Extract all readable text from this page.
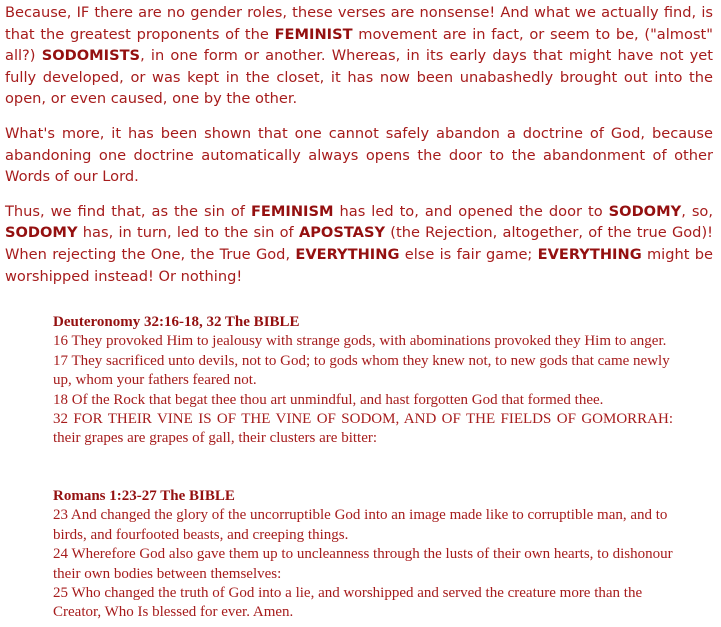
Because, IF there are no gender roles, these verses are nonsense! And what we actually find, is that the greatest proponents of the FEMINIST movement are in fact, or seem to be, ("almost" all?) SODOMISTS, in one form or another. Whereas, in its early days that might have not yet fully developed, or was kept in the closet, it has now been unabashedly brought out into the open, or even caused, one by the other.

What's more, it has been shown that one cannot safely abandon a doctrine of God, because abandoning one doctrine automatically always opens the door to the abandonment of other Words of our Lord.

Thus, we find that, as the sin of FEMINISM has led to, and opened the door to SODOMY, so, SODOMY has, in turn, led to the sin of APOSTASY (the Rejection, altogether, of the true God)! When rejecting the One, the True God, EVERYTHING else is fair game; EVERYTHING might be worshipped instead! Or nothing!

Deuteronomy 32:16-18, 32 The BIBLE

16 They provoked Him to jealousy with strange gods, with abominations provoked they Him to anger.

17 They sacrificed unto devils, not to God; to gods whom they knew not, to new gods that came newly up, whom your fathers feared not.

18 Of the Rock that begat thee thou art unmindful, and hast forgotten God that formed thee.

32 FOR THEIR VINE IS OF THE VINE OF SODOM, AND OF THE FIELDS OF GOMORRAH: their grapes are grapes of gall, their clusters are bitter:

Romans 1:23-27 The BIBLE

23 And changed the glory of the uncorruptible God into an image made like to corruptible man, and to birds, and fourfooted beasts, and creeping things.

24 Wherefore God also gave them up to uncleanness through the lusts of their own hearts, to dishonour their own bodies between themselves:

25 Who changed the truth of God into a lie, and worshipped and served the creature more than the Creator, Who Is blessed for ever. Amen.
